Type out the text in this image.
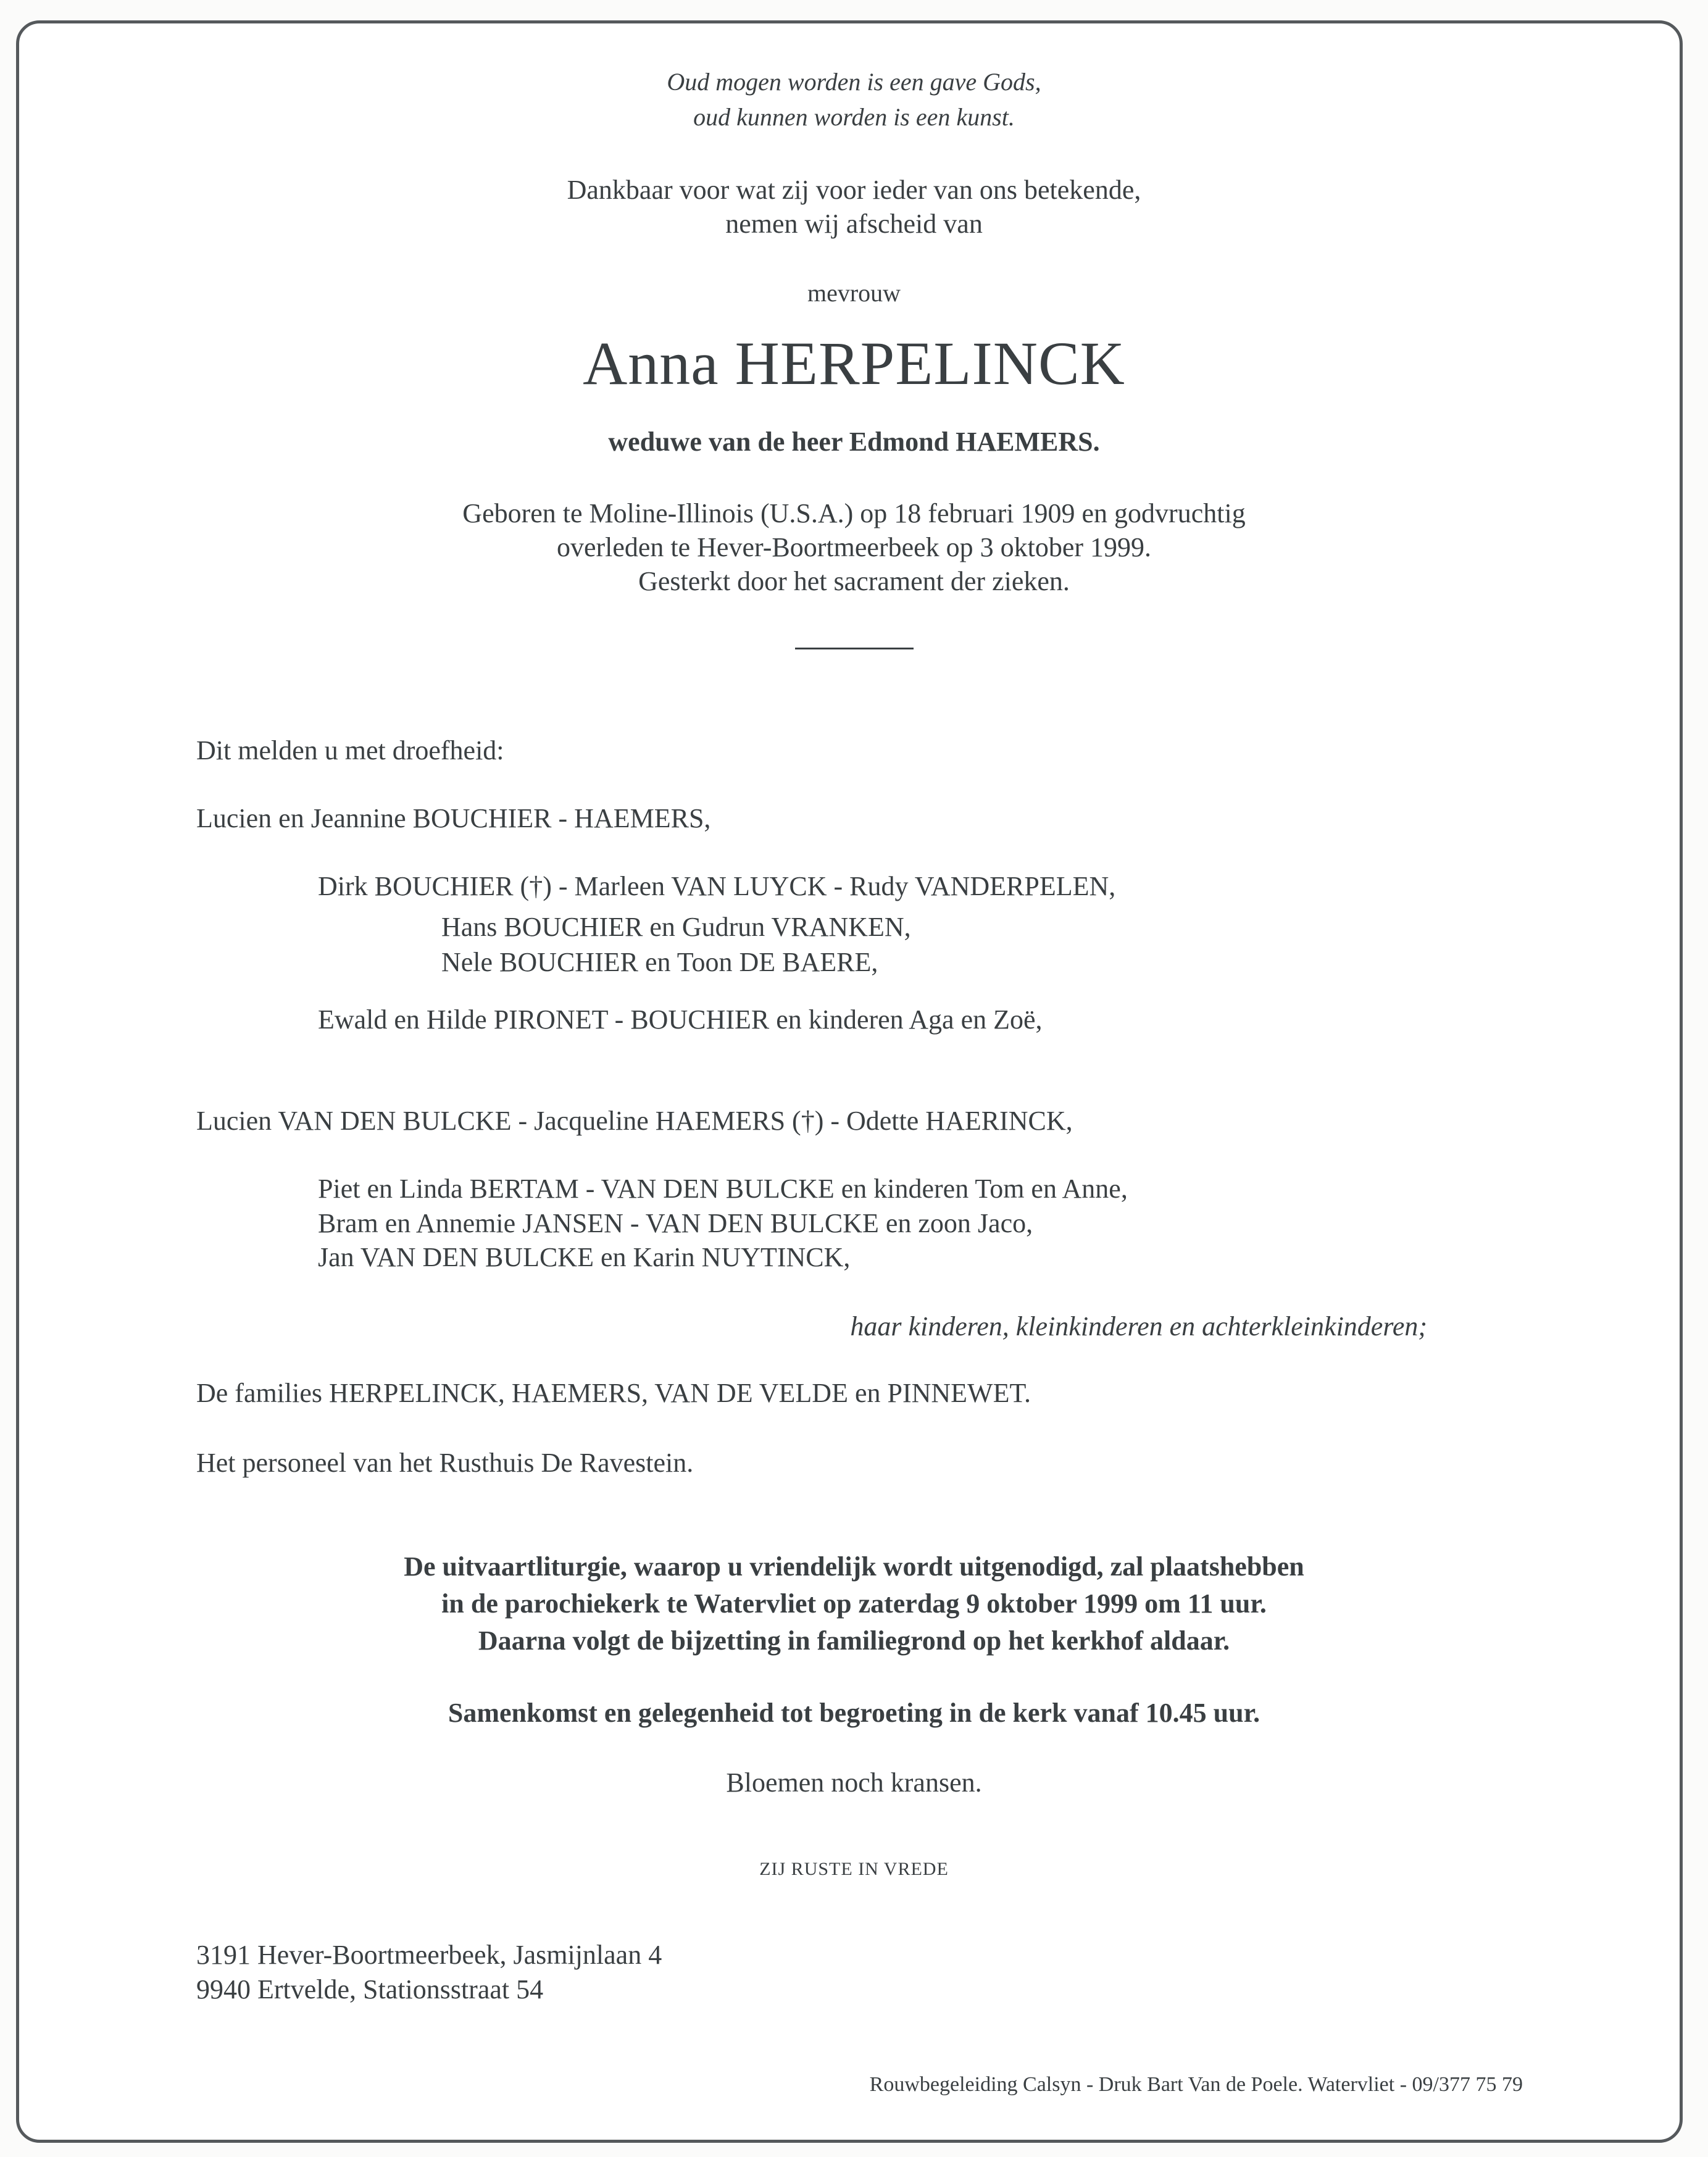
Oud mogen worden is een gave Gods,
oud kunnen worden is een kunst.
Dankbaar voor wat zij voor ieder van ons betekende,
nemen wij afscheid van
mevrouw
Anna HERPELINCK
weduwe van de heer Edmond HAEMERS.
Geboren te Moline-Illinois (U.S.A.) op 18 februari 1909 en godvruchtig
overleden te Hever-Boortmeerbeek op 3 oktober 1999.
Gesterkt door het sacrament der zieken.
Dit melden u met droefheid:
Lucien en Jeannine BOUCHIER - HAEMERS,
Dirk BOUCHIER (†) - Marleen VAN LUYCK - Rudy VANDERPELEN,
Hans BOUCHIER en Gudrun VRANKEN,
Nele BOUCHIER en Toon DE BAERE,
Ewald en Hilde PIRONET - BOUCHIER en kinderen Aga en Zoë,
Lucien VAN DEN BULCKE - Jacqueline HAEMERS (†) - Odette HAERINCK,
Piet en Linda BERTAM - VAN DEN BULCKE en kinderen Tom en Anne,
Bram en Annemie JANSEN - VAN DEN BULCKE en zoon Jaco,
Jan VAN DEN BULCKE en Karin NUYTINCK,
haar kinderen, kleinkinderen en achterkleinkinderen;
De families HERPELINCK, HAEMERS, VAN DE VELDE en PINNEWET.
Het personeel van het Rusthuis De Ravestein.
De uitvaartliturgie, waarop u vriendelijk wordt uitgenodigd, zal plaatshebben
in de parochiekerk te Watervliet op zaterdag 9 oktober 1999 om 11 uur.
Daarna volgt de bijzetting in familiegrond op het kerkhof aldaar.
Samenkomst en gelegenheid tot begroeting in de kerk vanaf 10.45 uur.
Bloemen noch kransen.
ZIJ RUSTE IN VREDE
3191 Hever-Boortmeerbeek, Jasmijnlaan 4
9940 Ertvelde, Stationsstraat 54
Rouwbegeleiding Calsyn - Druk Bart Van de Poele. Watervliet - 09/377 75 79
